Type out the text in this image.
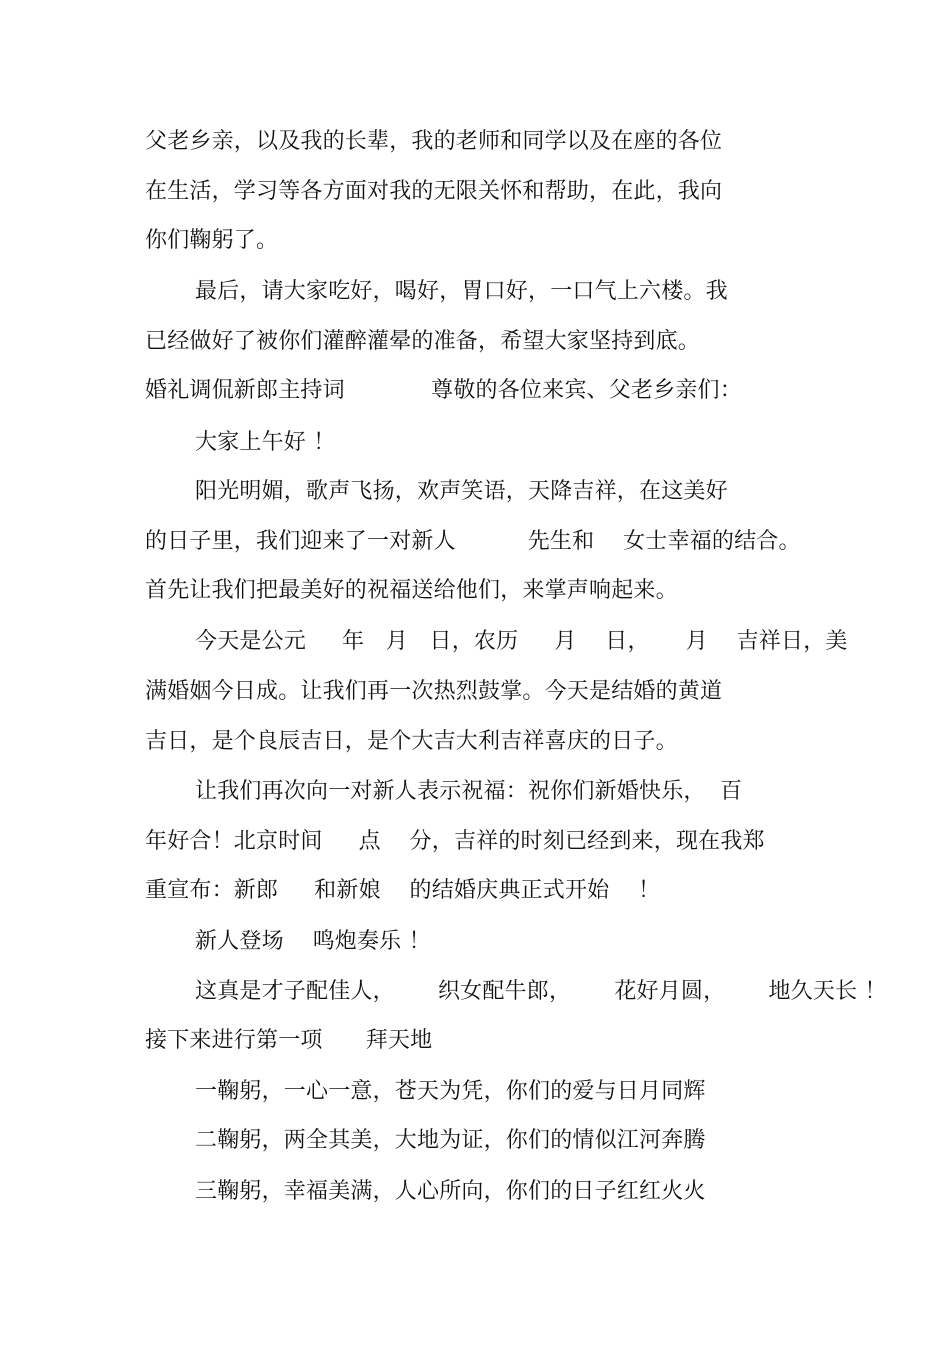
父老乡亲，以及我的长辈，我的老师和同学以及在座的各位
在生活，学习等各方面对我的无限关怀和帮助，在此，我向
你们鞠躬了。
最后，请大家吃好，喝好，胃口好，一口气上六楼。我
已经做好了被你们灌醉灌晕的准备，希望大家坚持到底。
婚礼调侃新郎主持词            尊敬的各位来宾、父老乡亲们：
大家上午好 ！
阳光明媚，歌声飞扬，欢声笑语，天降吉祥，在这美好
的日子里，我们迎来了一对新人          先生和    女士幸福的结合。
首先让我们把最美好的祝福送给他们，来掌声响起来。
今天是公元     年   月   日，农历     月    日，     月    吉祥日，美
满婚姻今日成。让我们再一次热烈鼓掌。今天是结婚的黄道
吉日，是个良辰吉日，是个大吉大利吉祥喜庆的日子。
让我们再次向一对新人表示祝福：祝你们新婚快乐，  百
年好合！北京时间     点    分，吉祥的时刻已经到来，现在我郑
重宣布：新郎     和新娘    的结婚庆典正式开始    ！
新人登场    鸣炮奏乐 ！
这真是才子配佳人，      织女配牛郎，      花好月圆，      地久天长 ！
接下来进行第一项      拜天地
一鞠躬，一心一意，苍天为凭，你们的爱与日月同辉
二鞠躬，两全其美，大地为证，你们的情似江河奔腾
三鞠躬，幸福美满，人心所向，你们的日子红红火火
